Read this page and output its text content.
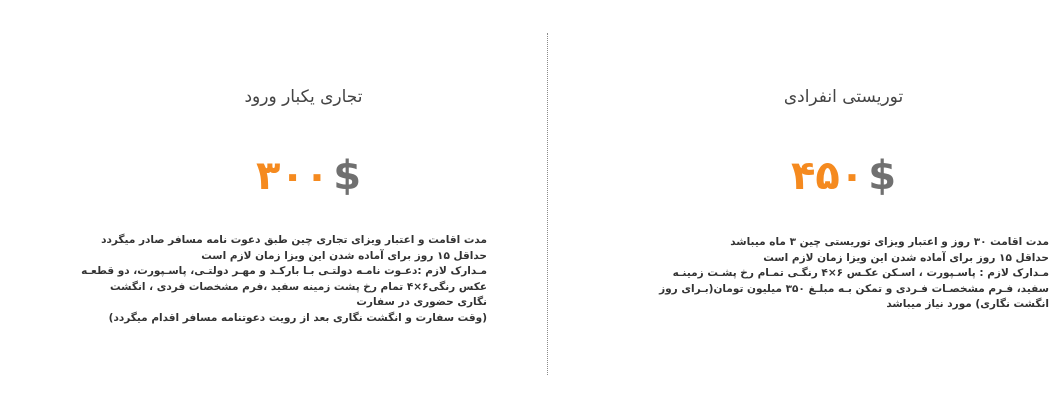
توریستی انفرادی
۴۵۰ $
مدت اقامت ۳۰ روز و اعتبار ویزای توریستی چین ۳ ماه میباشد
حداقل ۱۵ روز برای آماده شدن این ویزا زمان لازم است
مـدارک لازم : پاسـپورت ، اسـکن عکـس ۶×۴ رنگـی تمـام رخ پشـت زمینـه
سفید، فـرم مشخصـات فـردی و تمکن بـه مبلـغ ۳۵۰ میلیون تومان(بـرای روز
انگشت نگاری) مورد نیاز میباشد
تجاری یکبار ورود
۳۰۰ $
مدت اقامت و اعتبار ویزای تجاری چین طبق دعوت نامه مسافر صادر میگردد
حداقل ۱۵ روز برای آماده شدن این ویزا زمان لازم است
مـدارک لازم :دعـوت نامـه دولتـی بـا بارکـد و مهـر دولتـی، پاسـپورت، دو قطعـه
عکس رنگی۶×۴ تمام رخ پشت زمینه سفید ،فرم مشخصات فردی ، انگشت
نگاری حضوری در سفارت
(وقت سفارت و انگشت نگاری بعد از رویت دعوتنامه مسافر اقدام میگردد)
